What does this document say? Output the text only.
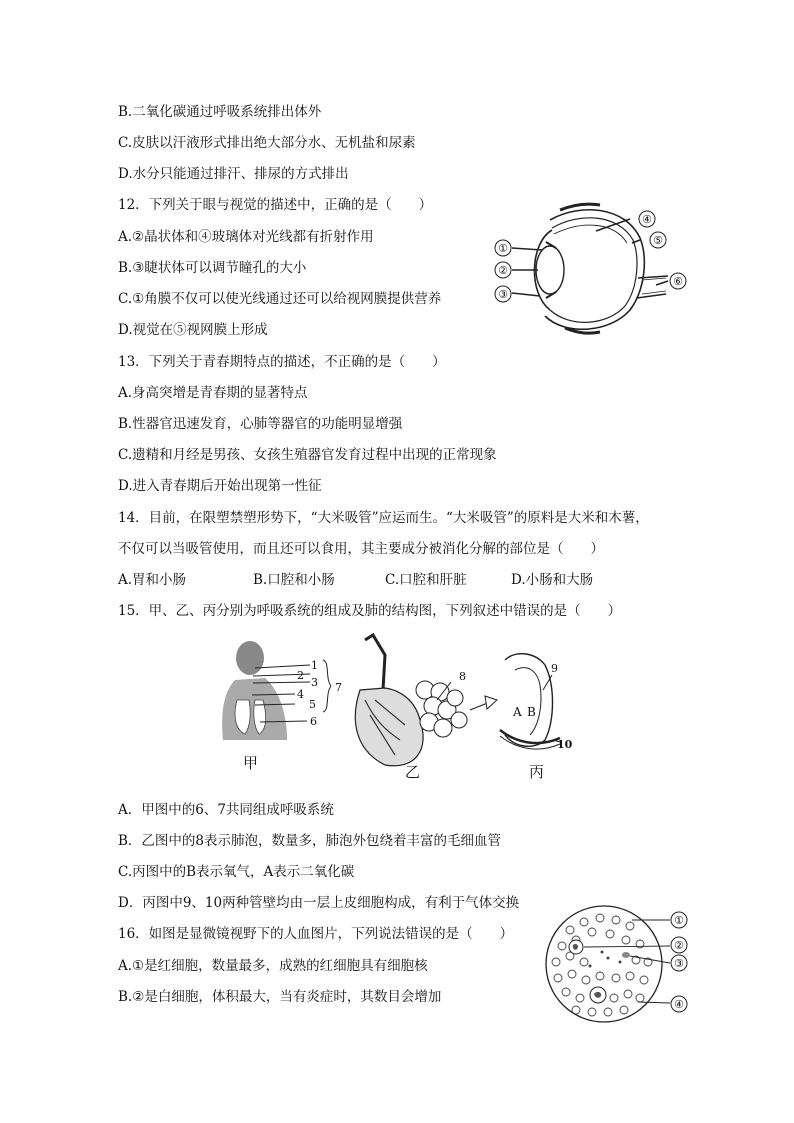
B.二氧化碳通过呼吸系统排出体外
C.皮肤以汗液形式排出绝大部分水、无机盐和尿素
D.水分只能通过排汗、排尿的方式排出
12．下列关于眼与视觉的描述中，正确的是（　　）
A.②晶状体和④玻璃体对光线都有折射作用
B.③睫状体可以调节瞳孔的大小
C.①角膜不仅可以使光线通过还可以给视网膜提供营养
D.视觉在⑤视网膜上形成
13．下列关于青春期特点的描述，不正确的是（　　）
A.身高突增是青春期的显著特点
B.性器官迅速发育，心肺等器官的功能明显增强
C.遗精和月经是男孩、女孩生殖器官发育过程中出现的正常现象
D.进入青春期后开始出现第一性征
14．目前，在限塑禁塑形势下，“大米吸管”应运而生。“大米吸管”的原料是大米和木薯，
不仅可以当吸管使用，而且还可以食用，其主要成分被消化分解的部位是（　　）
A.胃和小肠	B.口腔和小肠	C.口腔和肝脏	D.小肠和大肠
15．甲、乙、丙分别为呼吸系统的组成及肺的结构图，下列叙述中错误的是（　　）
A．甲图中的6、7共同组成呼吸系统
B．乙图中的8表示肺泡，数量多，肺泡外包绕着丰富的毛细血管
C.丙图中的B表示氧气，A表示二氧化碳
D．丙图中9、10两种管壁均由一层上皮细胞构成，有利于气体交换
16．如图是显微镜视野下的人血图片，下列说法错误的是（　　）
A.①是红细胞，数量最多，成熟的红细胞具有细胞核
B.②是白细胞，体积最大，当有炎症时，其数目会增加
①
②
③
④
⑤
⑥
1
2
3
4
5
6
7
甲
8
乙
9
10
A B
丙
①
②
③
④
